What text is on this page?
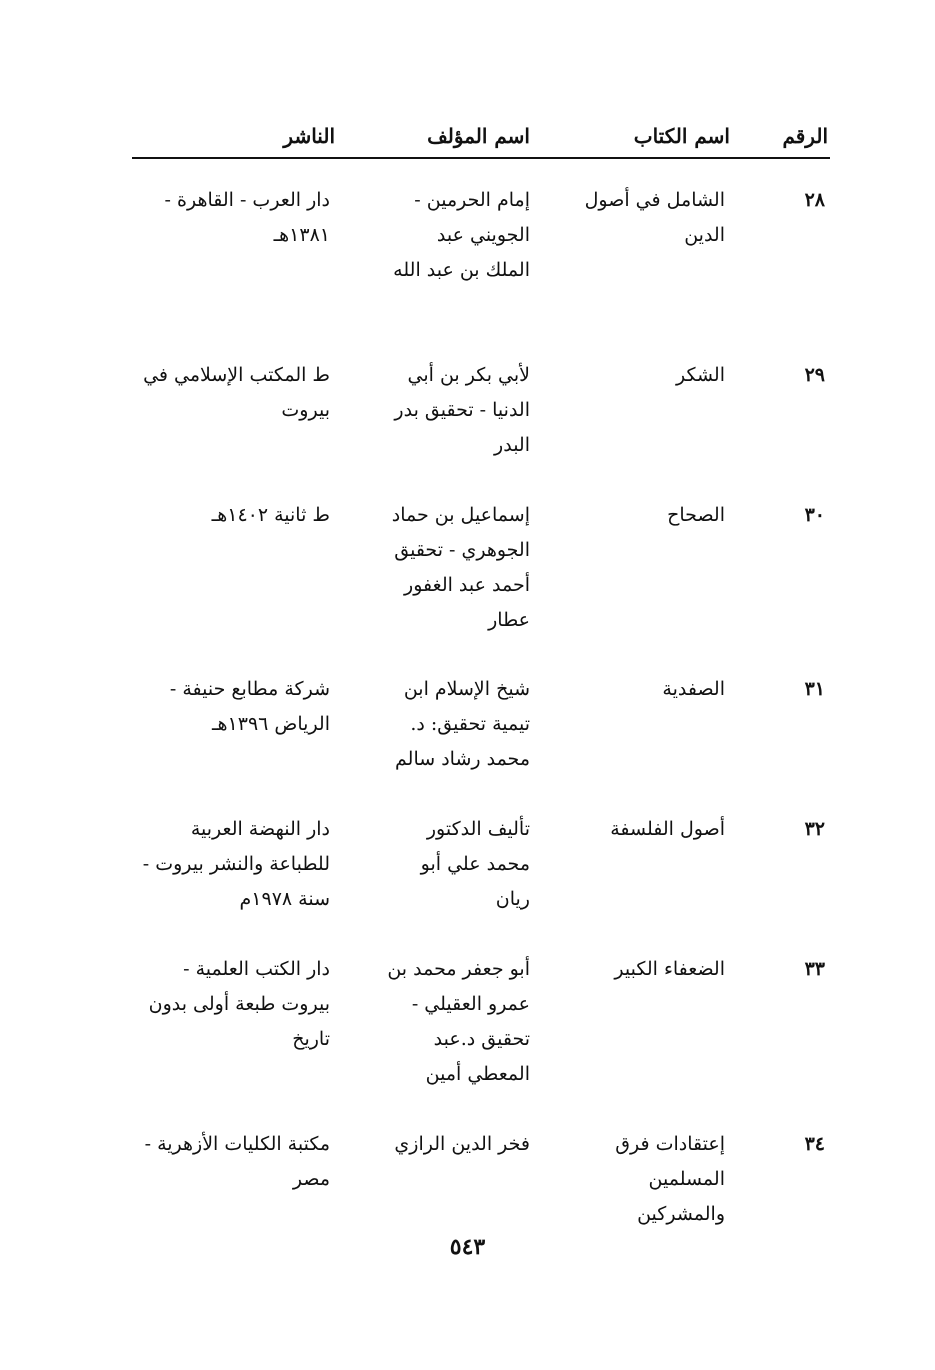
الرقم
اسم الكتاب
اسم المؤلف
الناشر
٢٨
الشامل في أصول
الدين
إمام الحرمين -
الجويني عبد
الملك بن عبد الله
دار العرب - القاهرة -
١٣٨١هـ
٢٩
الشكر
لأبي بكر بن أبي
الدنيا - تحقيق بدر
البدر
ط المكتب الإسلامي في
بيروت
٣٠
الصحاح
إسماعيل بن حماد
الجوهري - تحقيق
أحمد عبد الغفور
عطار
ط ثانية ١٤٠٢هـ
٣١
الصفدية
شيخ الإسلام ابن
تيمية تحقيق: د.
محمد رشاد سالم
شركة مطابع حنيفة -
الرياض ١٣٩٦هـ
٣٢
أصول الفلسفة
تأليف الدكتور
محمد علي أبو
ريان
دار النهضة العربية
للطباعة والنشر بيروت -
سنة ١٩٧٨م
٣٣
الضعفاء الكبير
أبو جعفر محمد بن
عمرو العقيلي -
تحقيق د.عبد
المعطي أمين
دار الكتب العلمية -
بيروت طبعة أولى بدون
تاريخ
٣٤
إعتقادات فرق
المسلمين والمشركين
فخر الدين الرازي
مكتبة الكليات الأزهرية -
مصر
٥٤٣
